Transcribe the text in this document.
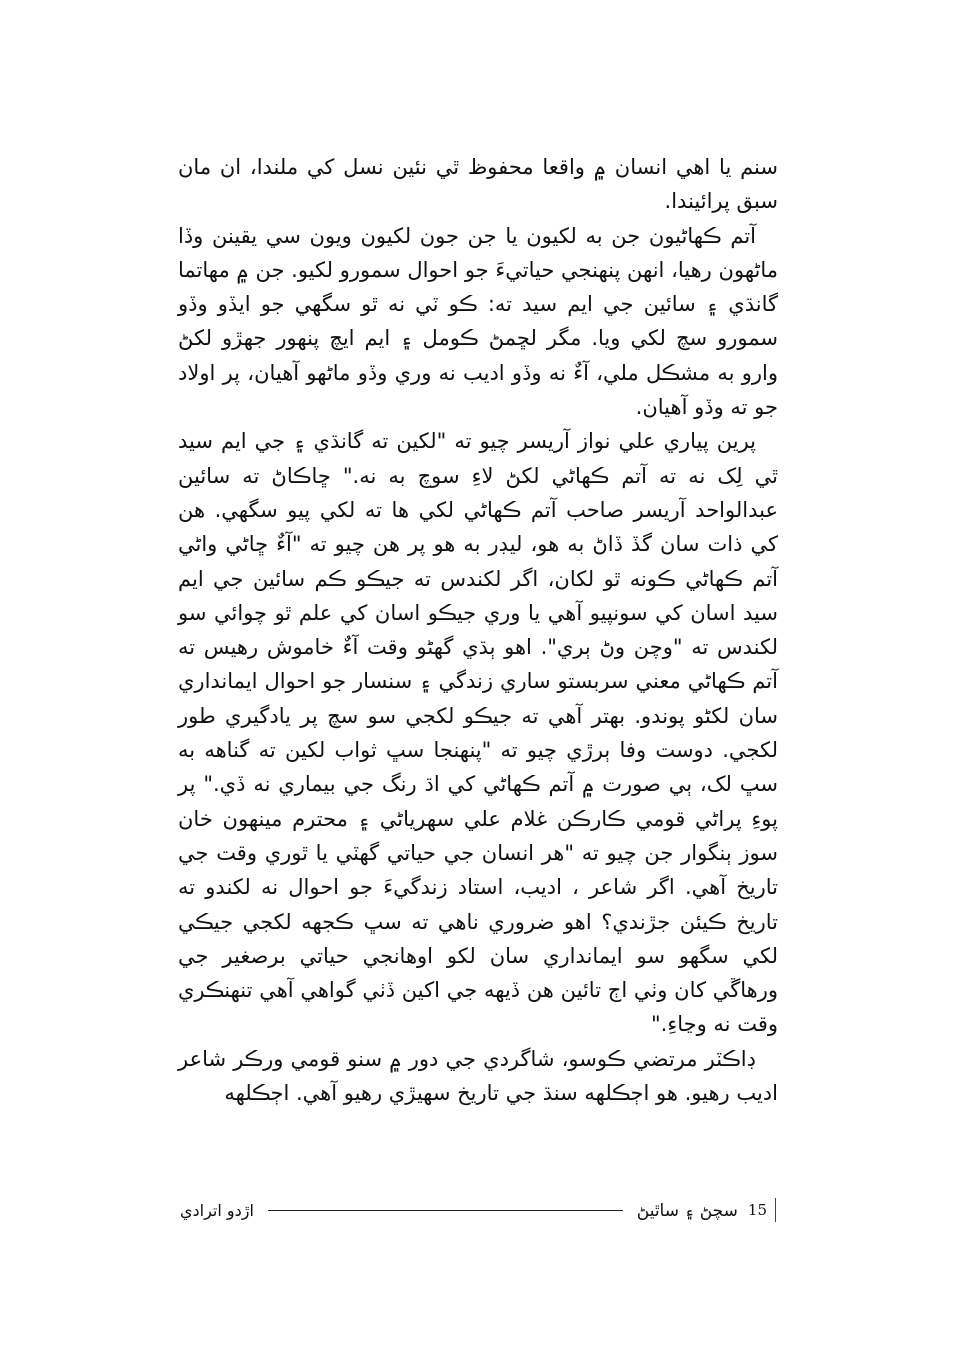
سنم يا اهي انسان ۾ واقعا محفوظ ٿي نئين نسل کي ملندا، ان مان سبق پرائيندا.

آتم ڪهاڻيون جن به لکيون يا جن جون لکيون ويون سي يقينن وڏا ماڻهون رهيا، انهن پنهنجي حياتيءَ جو احوال سمورو لکيو. جن ۾ مهاتما گانڌي ۽ سائين جي ايم سيد ته: ڪو ٽي نه ٿو سگهي جو ايڏو وڏو سمورو سچ لکي ويا. مگر لڇمڻ ڪومل ۽ ايم ايچ پنهور جهڙو لکڻ وارو به مشڪل ملي، آءٌ نه وڏو اديب نه وري وڏو ماڻهو آهيان، پر اولاد جو ته وڏو آهيان.

پرين پياري علي نواز آريسر چيو ته "لکين ته گانڌي ۽ جي ايم سيد ٿي لِک نه ته آتم ڪهاڻي لکڻ لاءِ سوچ به نه." ڇاڪاڻ ته سائين عبدالواحد آريسر صاحب آتم ڪهاڻي لکي ها ته لکي پيو سگهي. هن کي ذات سان گڏ ڏاڻ به هو، ليڊر به هو پر هن چيو ته "آءٌ ڇاڻي واڻي آتم ڪهاڻي ڪونه ٿو لکان، اگر لکندس ته جيڪو ڪم سائين جي ايم سيد اسان کي سونپيو آهي يا وري جيڪو اسان کي علم ٿو چوائي سو لکندس ته "وچن وڻ ٻري". اهو ٻڌي گهڻو وقت آءٌ خاموش رهيس ته آتم ڪهاڻي معني سربستو ساري زندگي ۽ سنسار جو احوال ايمانداري سان لکڻو پوندو. بهتر آهي ته جيڪو لکجي سو سچ پر يادگيري طور لکجي. دوست وفا ٻرڙي چيو ته "پنهنجا سڀ ثواب لکين ته گناهه به سڀ لک، ٻي صورت ۾ آتم ڪهاڻي کي اڌ رنگ جي بيماري نه ڏي." پر پوءِ پراڻي قومي ڪارڪن غلام علي سهرياڻي ۽ محترم مينهون خان سوز ٻنگوار جن چيو ته "هر انسان جي حياتي گهٽي يا ٿوري وقت جي تاريخ آهي. اگر شاعر ، اديب، استاد زندگيءَ جو احوال نه لکندو ته تاريخ ڪيئن جڙندي؟ اهو ضروري ناهي ته سڀ ڪجهه لکجي جيڪي لکي سگهو سو ايمانداري سان لکو اوهانجي حياتي برصغير جي ورهاڱي کان وٺي اڄ تائين هن ڏيهه جي اکين ڏٺي گواهي آهي تنهنڪري وقت نه وڃاءِ."

ڊاڪٽر مرتضي ڪوسو، شاگردي جي دور ۾ سنو قومي ورڪر شاعر اديب رهيو. هو اڄڪلهه سنڌ جي تاريخ سهيڙي رهيو آهي. اڄڪلهه

15
سچڻ ۽ ساٿيڻ
اڙدو اترادي
